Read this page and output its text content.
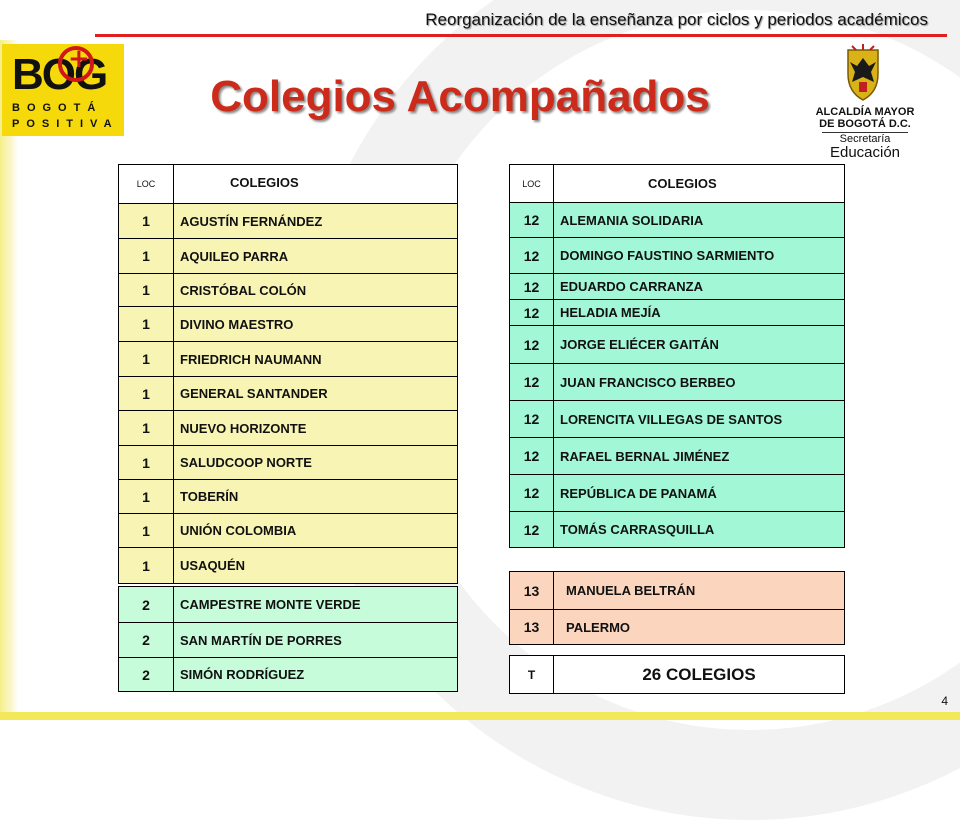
Reorganización de la enseñanza por ciclos y periodos académicos
BOG
+
BOGOTÁ
POSITIVA
Colegios Acompañados	ALCALDÍA MAYOR
DE BOGOTÁ D.C.
Secretaría
Educación
LOC	COLEGIOS
1	AGUSTÍN FERNÁNDEZ
1	AQUILEO PARRA
1	CRISTÓBAL COLÓN
1	DIVINO MAESTRO
1	FRIEDRICH NAUMANN
1	GENERAL SANTANDER
1	NUEVO HORIZONTE
1	SALUDCOOP NORTE
1	TOBERÍN
1	UNIÓN COLOMBIA
1	USAQUÉN
2	CAMPESTRE MONTE VERDE
2	SAN MARTÍN DE PORRES
2	SIMÓN RODRÍGUEZ
LOC	COLEGIOS
12	ALEMANIA SOLIDARIA
12	DOMINGO FAUSTINO SARMIENTO
12	EDUARDO CARRANZA
12	HELADIA MEJÍA
12	JORGE ELIÉCER GAITÁN
12	JUAN FRANCISCO BERBEO
12	LORENCITA VILLEGAS DE SANTOS
12	RAFAEL BERNAL JIMÉNEZ
12	REPÚBLICA DE PANAMÁ
12	TOMÁS CARRASQUILLA
13	MANUELA BELTRÁN
13	PALERMO
T	26 COLEGIOS
4
